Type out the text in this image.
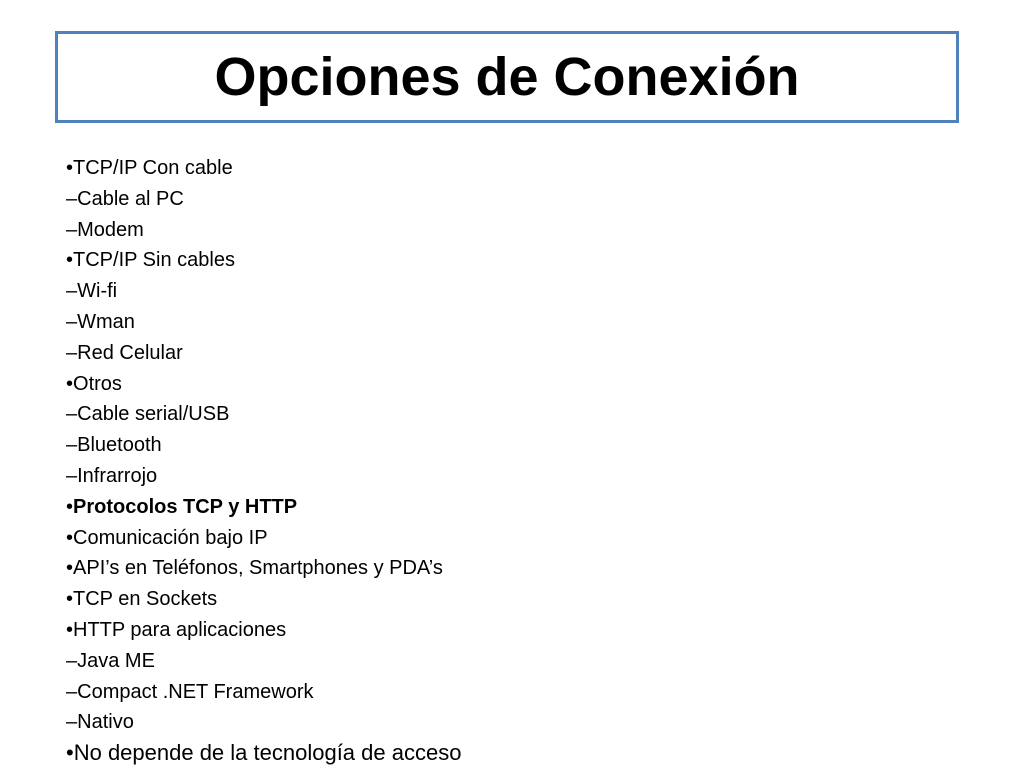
Opciones de Conexión
•TCP/IP Con cable
–Cable al PC
–Modem
•TCP/IP Sin cables
–Wi-fi
–Wman
–Red Celular
•Otros
–Cable serial/USB
–Bluetooth
–Infrarrojo
•Protocolos TCP y HTTP
•Comunicación bajo IP
•API’s en Teléfonos, Smartphones y PDA’s
•TCP en Sockets
•HTTP para aplicaciones
–Java ME
–Compact .NET Framework
–Nativo
•No depende de la tecnología de acceso
